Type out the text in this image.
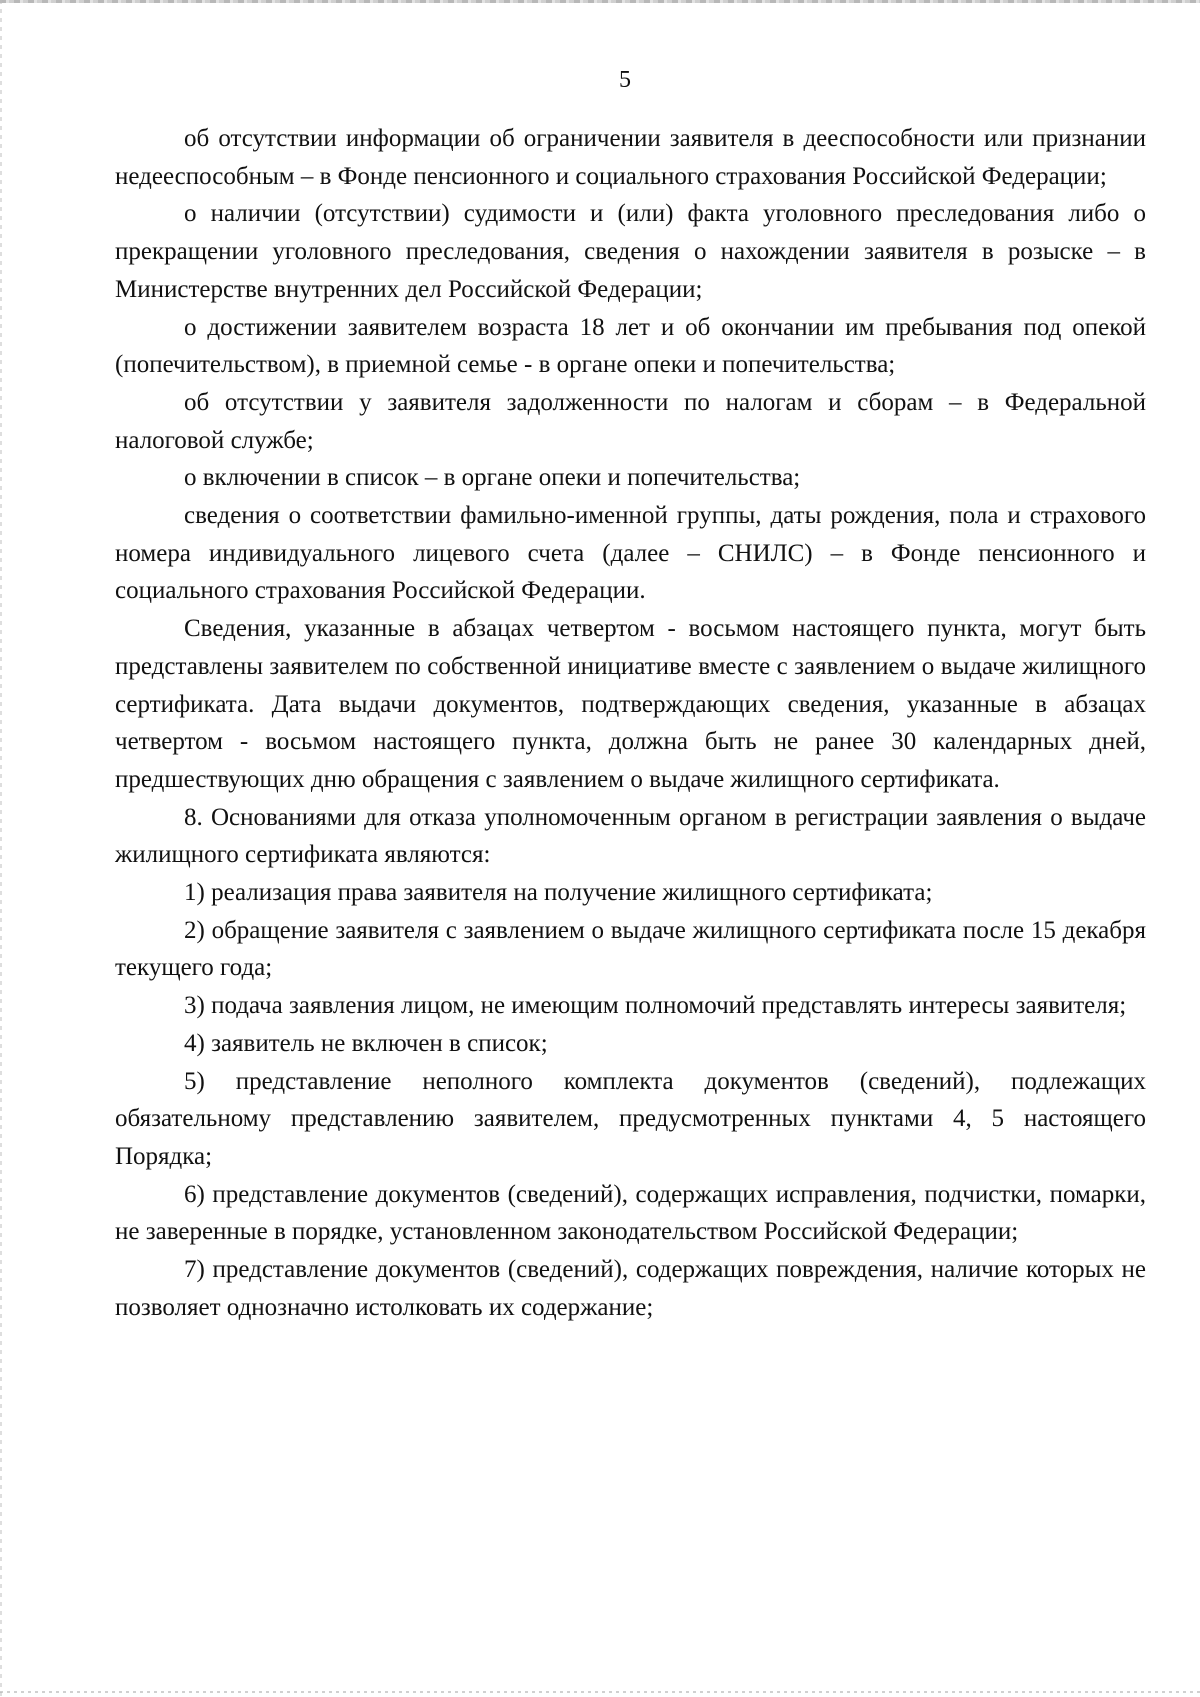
5

об отсутствии информации об ограничении заявителя в дееспособности или признании недееспособным – в Фонде пенсионного и социального страхования Российской Федерации;

о наличии (отсутствии) судимости и (или) факта уголовного преследования либо о прекращении уголовного преследования, сведения о нахождении заявителя в розыске – в Министерстве внутренних дел Российской Федерации;

о достижении заявителем возраста 18 лет и об окончании им пребывания под опекой (попечительством), в приемной семье - в органе опеки и попечительства;

об отсутствии у заявителя задолженности по налогам и сборам – в Федеральной налоговой службе;

о включении в список – в органе опеки и попечительства;

сведения о соответствии фамильно-именной группы, даты рождения, пола и страхового номера индивидуального лицевого счета (далее – СНИЛС) – в Фонде пенсионного и социального страхования Российской Федерации.

Сведения, указанные в абзацах четвертом - восьмом настоящего пункта, могут быть представлены заявителем по собственной инициативе вместе с заявлением о выдаче жилищного сертификата. Дата выдачи документов, подтверждающих сведения, указанные в абзацах четвертом - восьмом настоящего пункта, должна быть не ранее 30 календарных дней, предшествующих дню обращения с заявлением о выдаче жилищного сертификата.

8. Основаниями для отказа уполномоченным органом в регистрации заявления о выдаче жилищного сертификата являются:

1) реализация права заявителя на получение жилищного сертификата;

2) обращение заявителя с заявлением о выдаче жилищного сертификата после 15 декабря текущего года;

3) подача заявления лицом, не имеющим полномочий представлять интересы заявителя;

4) заявитель не включен в список;

5) представление неполного комплекта документов (сведений), подлежащих обязательному представлению заявителем, предусмотренных пунктами 4, 5 настоящего Порядка;

6) представление документов (сведений), содержащих исправления, подчистки, помарки, не заверенные в порядке, установленном законодательством Российской Федерации;

7) представление документов (сведений), содержащих повреждения, наличие которых не позволяет однозначно истолковать их содержание;
